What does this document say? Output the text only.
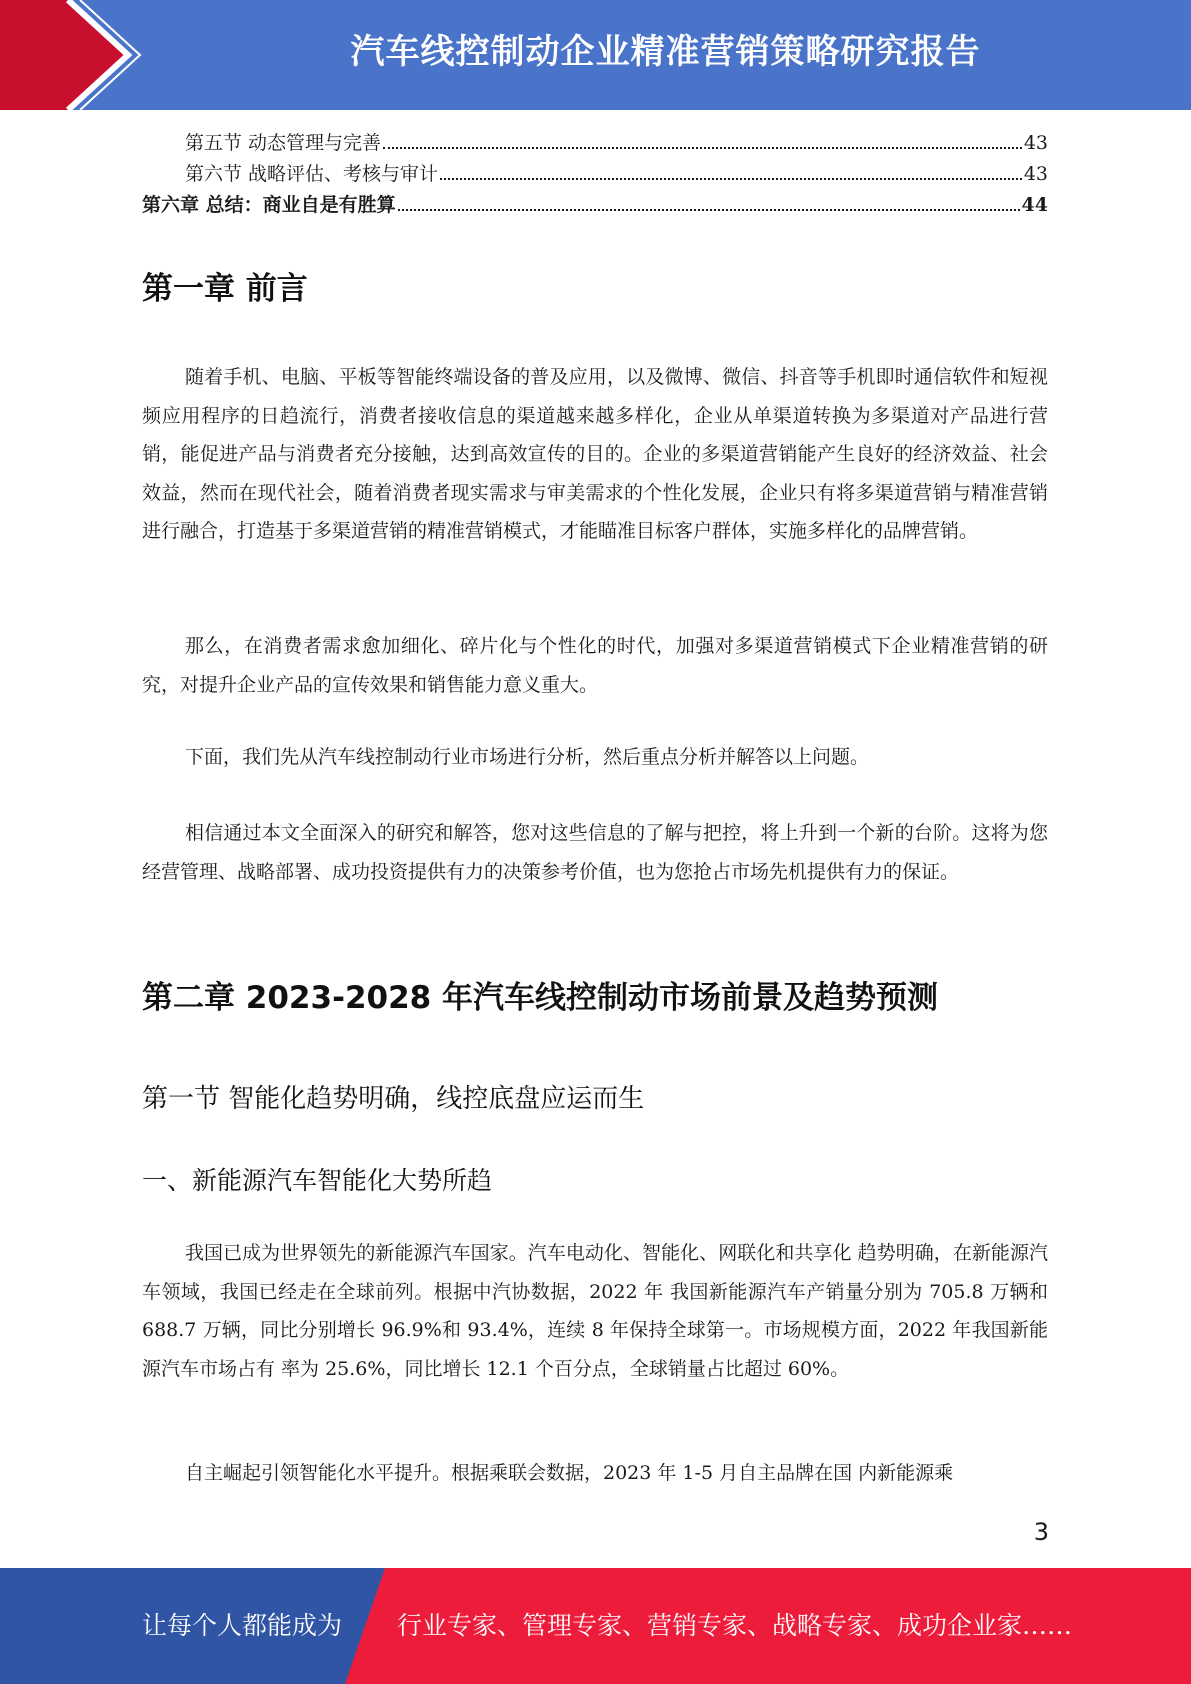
汽车线控制动企业精准营销策略研究报告
第五节 动态管理与完善	43
第六节 战略评估、考核与审计	43
第六章 总结：商业自是有胜算	44
第一章 前言

随着手机、电脑、平板等智能终端设备的普及应用，以及微博、微信、抖音等手机即时通信软件和短视频应用程序的日趋流行，消费者接收信息的渠道越来越多样化，企业从单渠道转换为多渠道对产品进行营销，能促进产品与消费者充分接触，达到高效宣传的目的。企业的多渠道营销能产生良好的经济效益、社会效益，然而在现代社会，随着消费者现实需求与审美需求的个性化发展，企业只有将多渠道营销与精准营销进行融合，打造基于多渠道营销的精准营销模式，才能瞄准目标客户群体，实施多样化的品牌营销。

那么，在消费者需求愈加细化、碎片化与个性化的时代，加强对多渠道营销模式下企业精准营销的研究，对提升企业产品的宣传效果和销售能力意义重大。

下面，我们先从汽车线控制动行业市场进行分析，然后重点分析并解答以上问题。

相信通过本文全面深入的研究和解答，您对这些信息的了解与把控，将上升到一个新的台阶。这将为您经营管理、战略部署、成功投资提供有力的决策参考价值，也为您抢占市场先机提供有力的保证。

第二章 2023-2028 年汽车线控制动市场前景及趋势预测
第一节 智能化趋势明确，线控底盘应运而生
一、新能源汽车智能化大势所趋

我国已成为世界领先的新能源汽车国家。汽车电动化、智能化、网联化和共享化 趋势明确，在新能源汽车领域，我国已经走在全球前列。根据中汽协数据，2022 年 我国新能源汽车产销量分别为 705.8 万辆和 688.7 万辆，同比分别增长 96.9%和 93.4%，连续 8 年保持全球第一。市场规模方面，2022 年我国新能源汽车市场占有 率为 25.6%，同比增长 12.1 个百分点，全球销量占比超过 60%。

自主崛起引领智能化水平提升。根据乘联会数据，2023 年 1-5 月自主品牌在国 内新能源乘

3
让每个人都能成为 行业专家、管理专家、营销专家、战略专家、成功企业家……
